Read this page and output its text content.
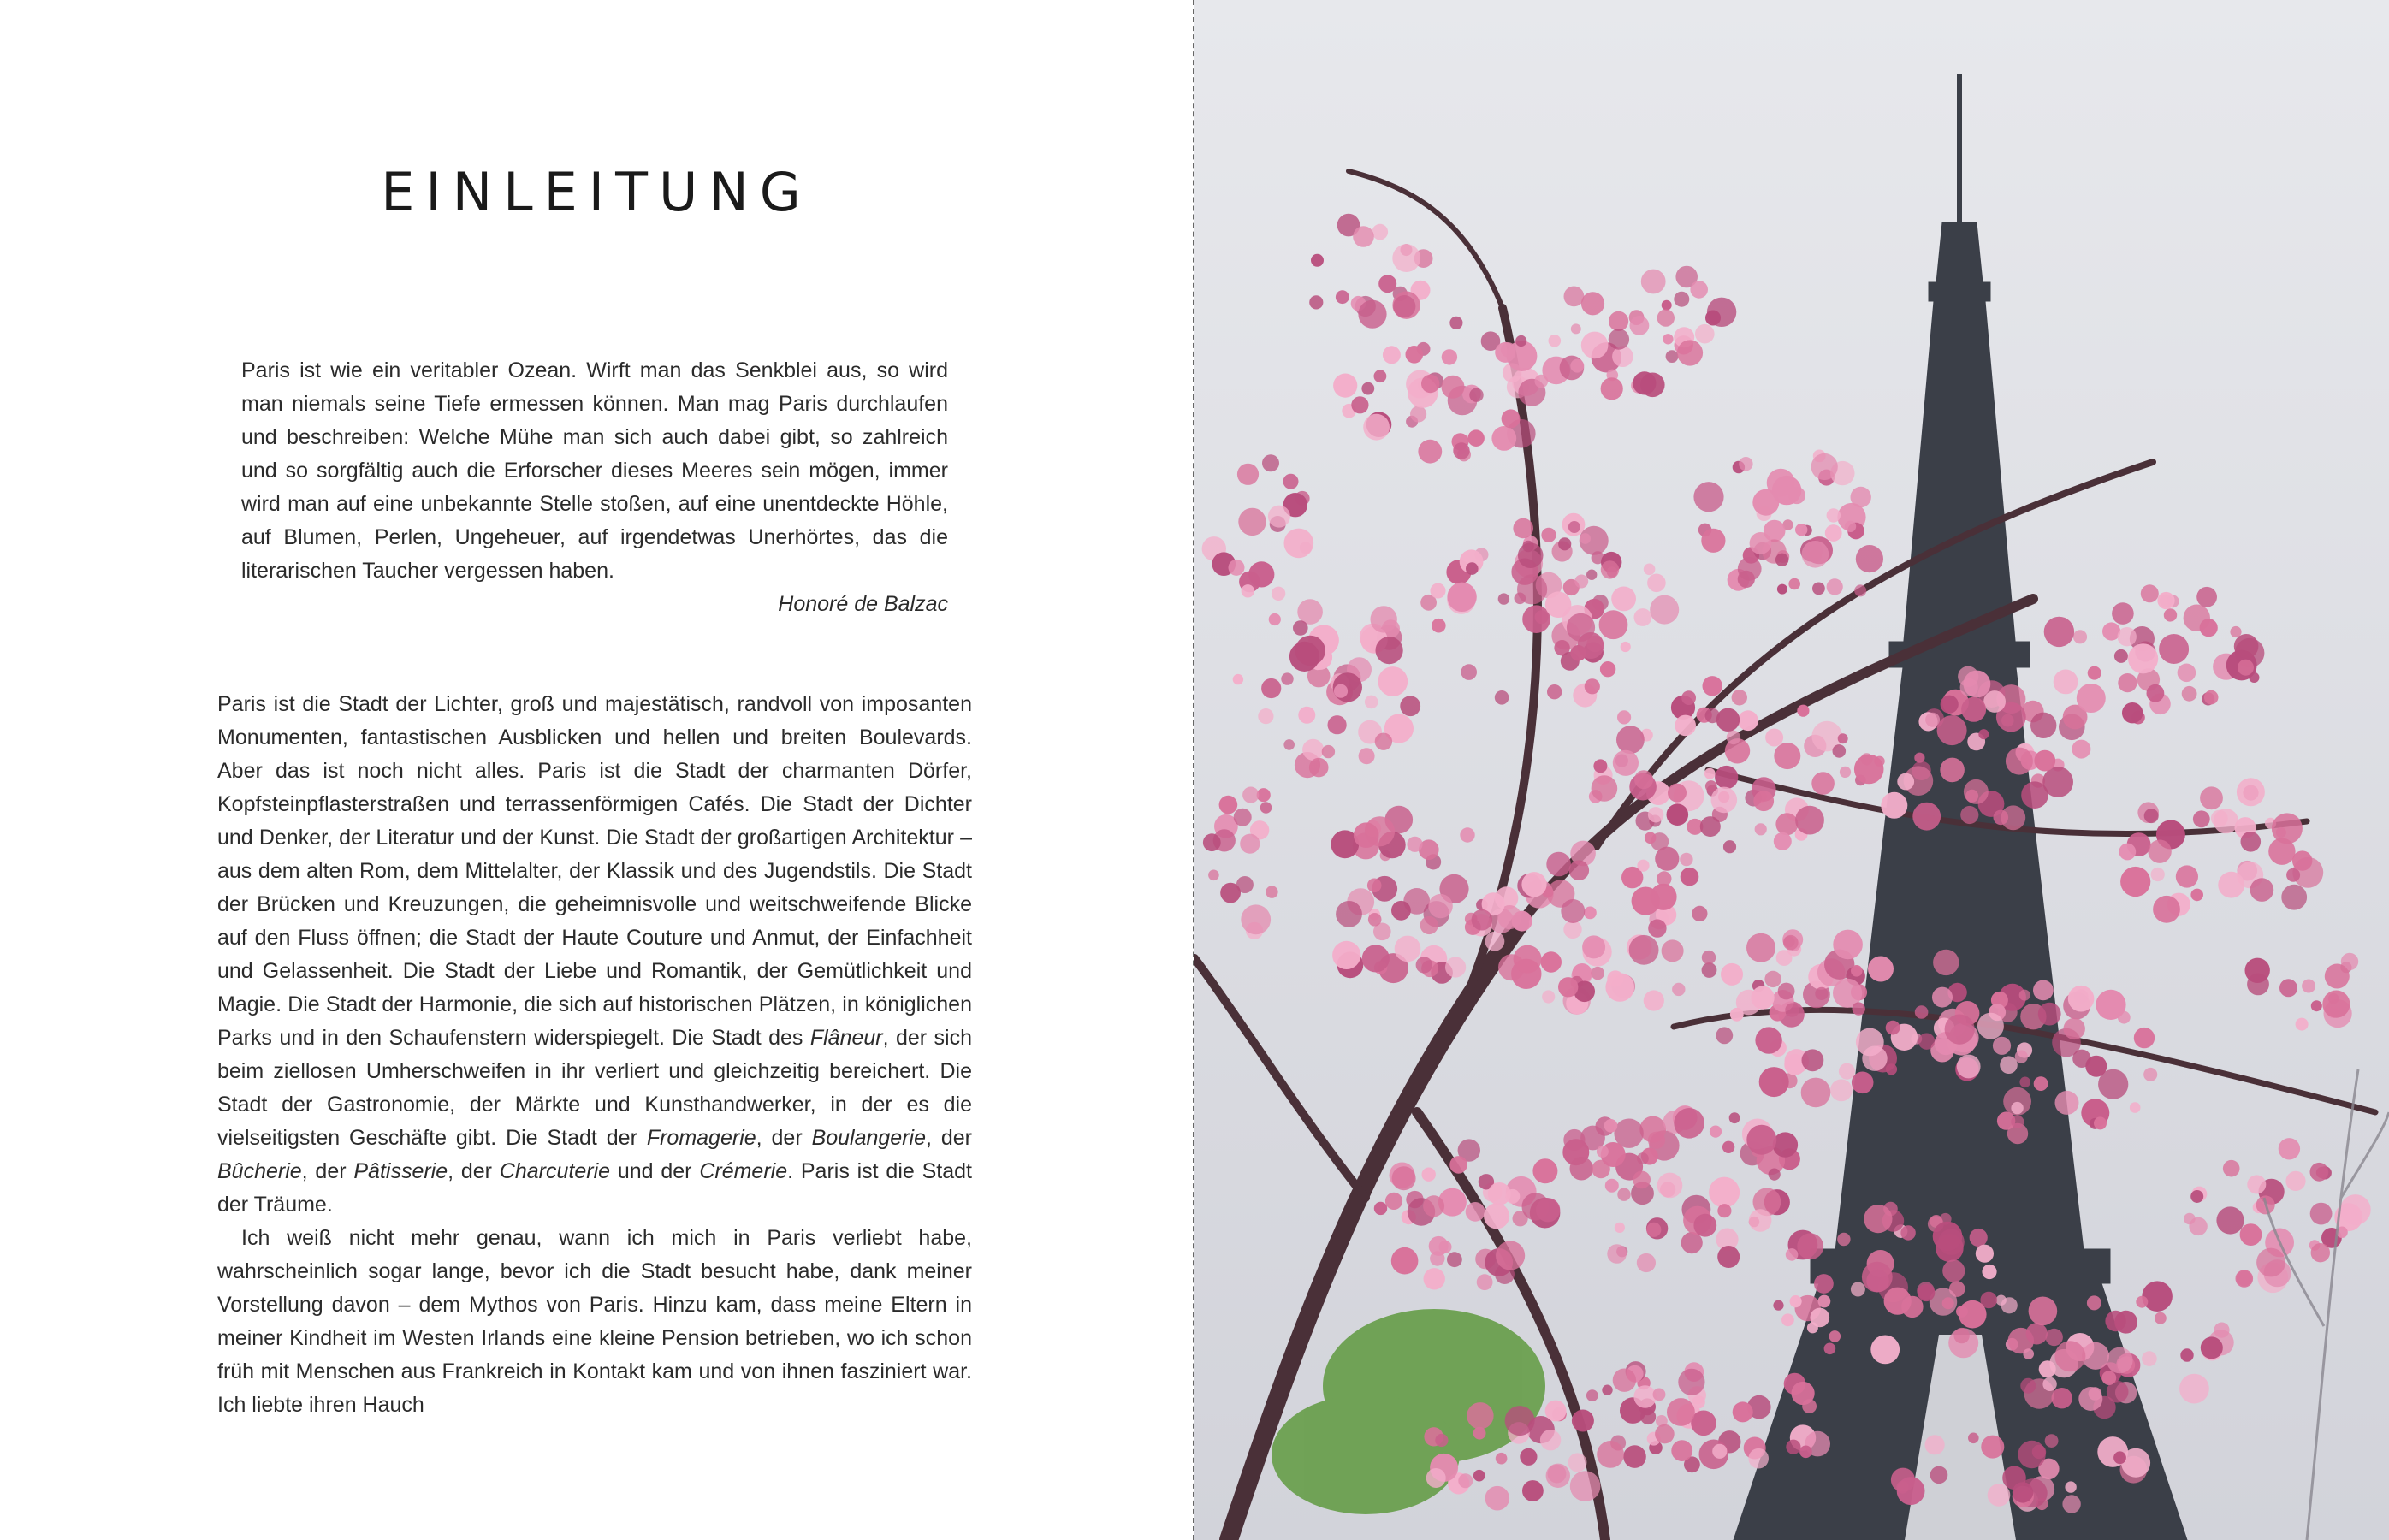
EINLEITUNG

Paris ist wie ein veritabler Ozean. Wirft man das Senkblei aus, so wird man niemals seine Tiefe ermessen können. Man mag Paris durchlaufen und beschreiben: Welche Mühe man sich auch dabei gibt, so zahlreich und so sorgfältig auch die Erforscher dieses Meeres sein mögen, immer wird man auf eine unbekannte Stelle stoßen, auf eine unentdeckte Höhle, auf Blumen, Perlen, Ungeheuer, auf irgendetwas Unerhörtes, das die literarischen Taucher vergessen haben.

Honoré de Balzac

Paris ist die Stadt der Lichter, groß und majestätisch, randvoll von imposanten Monumenten, fantastischen Ausblicken und hellen und breiten Boulevards. Aber das ist noch nicht alles. Paris ist die Stadt der charmanten Dörfer, Kopfsteinpflasterstraßen und terrassenförmigen Cafés. Die Stadt der Dichter und Denker, der Literatur und der Kunst. Die Stadt der großartigen Architektur – aus dem alten Rom, dem Mittelalter, der Klassik und des Jugendstils. Die Stadt der Brücken und Kreuzungen, die geheimnisvolle und weitschweifende Blicke auf den Fluss öffnen; die Stadt der Haute Couture und Anmut, der Einfachheit und Gelassenheit. Die Stadt der Liebe und Romantik, der Gemütlichkeit und Magie. Die Stadt der Harmonie, die sich auf historischen Plätzen, in königlichen Parks und in den Schaufenstern widerspiegelt. Die Stadt des Flâneur, der sich beim ziellosen Umherschweifen in ihr verliert und gleichzeitig bereichert. Die Stadt der Gastronomie, der Märkte und Kunsthandwerker, in der es die vielseitigsten Geschäfte gibt. Die Stadt der Fromagerie, der Boulangerie, der Bûcherie, der Pâtisserie, der Charcuterie und der Crémerie. Paris ist die Stadt der Träume.

Ich weiß nicht mehr genau, wann ich mich in Paris verliebt habe, wahrscheinlich sogar lange, bevor ich die Stadt besucht habe, dank meiner Vorstellung davon – dem Mythos von Paris. Hinzu kam, dass meine Eltern in meiner Kindheit im Westen Irlands eine kleine Pension betrieben, wo ich schon früh mit Menschen aus Frankreich in Kontakt kam und von ihnen fasziniert war. Ich liebte ihren Hauch
